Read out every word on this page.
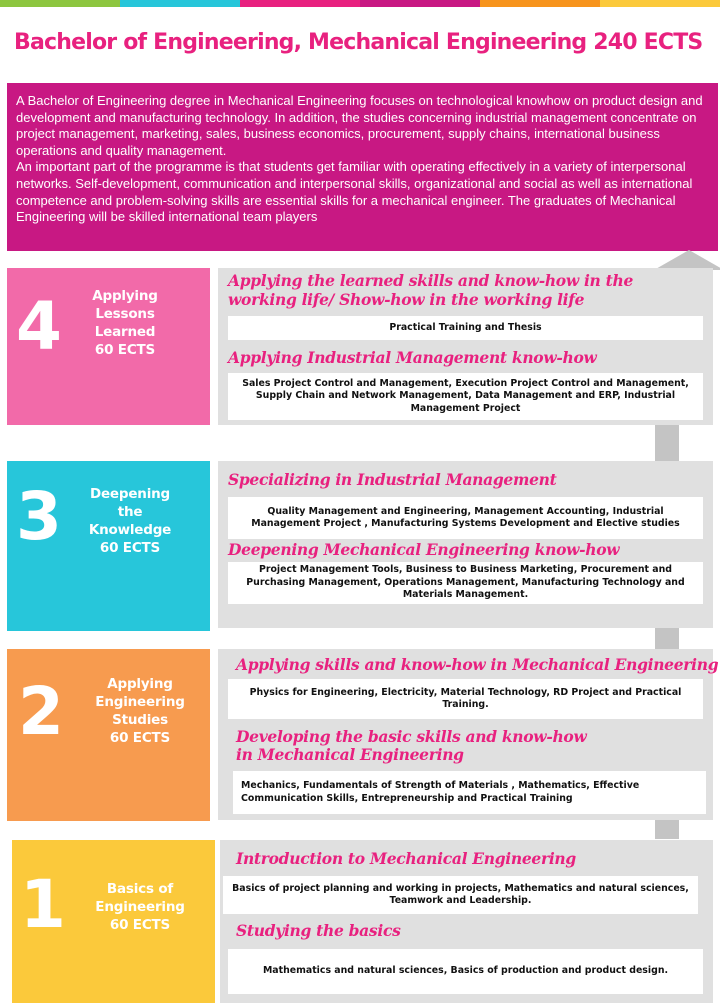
Bachelor of Engineering, Mechanical Engineering 240 ECTS

A Bachelor of Engineering degree in Mechanical Engineering focuses on technological knowhow on product design and development and manufacturing technology. In addition, the studies concerning industrial management concentrate on project management, marketing, sales, business economics, procurement, supply chains, international business operations and quality management.

An important part of the programme is that students get familiar with operating effectively in a variety of interpersonal networks. Self-development, communication and interpersonal skills, organizational and social as well as international competence and problem-solving skills are essential skills for a mechanical engineer. The graduates of Mechanical Engineering will be skilled international team players

4	Applying
Lessons
Learned
60 ECTS
Applying the learned skills and know-how in the working life/ Show-how in the working life
Practical Training and Thesis
Applying Industrial Management know-how
Sales Project Control and Management, Execution Project Control and Management, Supply Chain and Network Management, Data Management and ERP, Industrial Management Project
3	Deepening
the
Knowledge
60 ECTS
Specializing in Industrial Management
Quality Management and Engineering, Management Accounting, Industrial Management Project , Manufacturing Systems Development and Elective studies
Deepening Mechanical Engineering know-how
Project Management Tools, Business to Business Marketing, Procurement and Purchasing Management, Operations Management, Manufacturing Technology and Materials Management.
2	Applying
Engineering
Studies
60 ECTS
Applying skills and know-how in Mechanical Engineering
Physics for Engineering, Electricity, Material Technology, RD Project and Practical Training.
Developing the basic skills and know-how
in Mechanical Engineering
Mechanics, Fundamentals of Strength of Materials , Mathematics, Effective Communication Skills, Entrepreneurship and Practical Training
1	Basics of
Engineering
60 ECTS
Introduction to Mechanical Engineering
Basics of project planning and working in projects, Mathematics and natural sciences, Teamwork and Leadership.
Studying the basics
Mathematics and natural sciences, Basics of production and product design.
